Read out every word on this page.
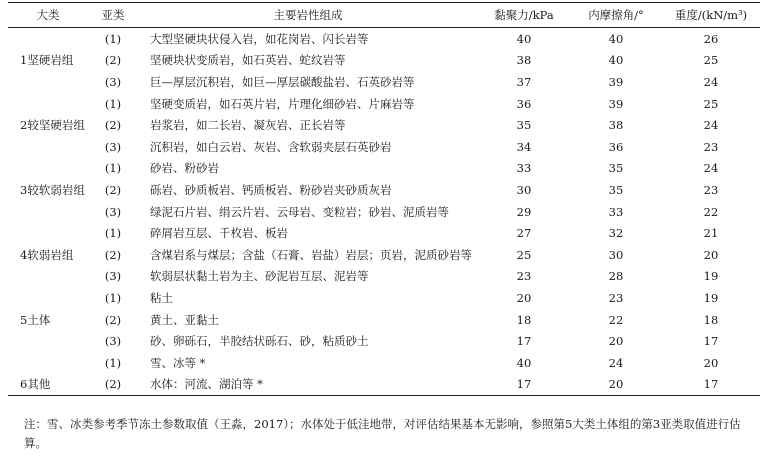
大类	亚类	主要岩性组成	黏聚力/kPa	内摩擦角/°	重度/(kN/m³)
	(1)	大型坚硬块状侵入岩，如花岗岩、闪长岩等	40	40	26
1坚硬岩组	(2)	坚硬块状变质岩，如石英岩、蛇纹岩等	38	40	25
	(3)	巨—厚层沉积岩，如巨—厚层碳酸盐岩、石英砂岩等	37	39	24
	(1)	坚硬变质岩，如石英片岩，片理化细砂岩、片麻岩等	36	39	25
2较坚硬岩组	(2)	岩浆岩，如二长岩、凝灰岩、正长岩等	35	38	24
	(3)	沉积岩，如白云岩、灰岩、含软弱夹层石英砂岩	34	36	23
	(1)	砂岩、粉砂岩	33	35	24
3较软弱岩组	(2)	砾岩、砂质板岩、钙质板岩、粉砂岩夹砂质灰岩	30	35	23
	(3)	绿泥石片岩、绢云片岩、云母岩、变粒岩；砂岩、泥质岩等	29	33	22
	(1)	碎屑岩互层、千枚岩、板岩	27	32	21
4软弱岩组	(2)	含煤岩系与煤层；含盐（石膏、岩盐）岩层；页岩，泥质砂岩等	25	30	20
	(3)	软弱层状黏土岩为主、砂泥岩互层、泥岩等	23	28	19
	(1)	粘土	20	23	19
5土体	(2)	黄土、亚黏土	18	22	18
	(3)	砂、卵砾石，半胶结状砾石、砂，粘质砂土	17	20	17
	(1)	雪、冰等 *	40	24	20
6其他	(2)	水体：河流、湖泊等 *	17	20	17
注：雪、冰类参考季节冻土参数取值（王淼，2017）；水体处于低洼地带，对评估结果基本无影响，参照第5大类土体组的第3亚类取值进行估算。
